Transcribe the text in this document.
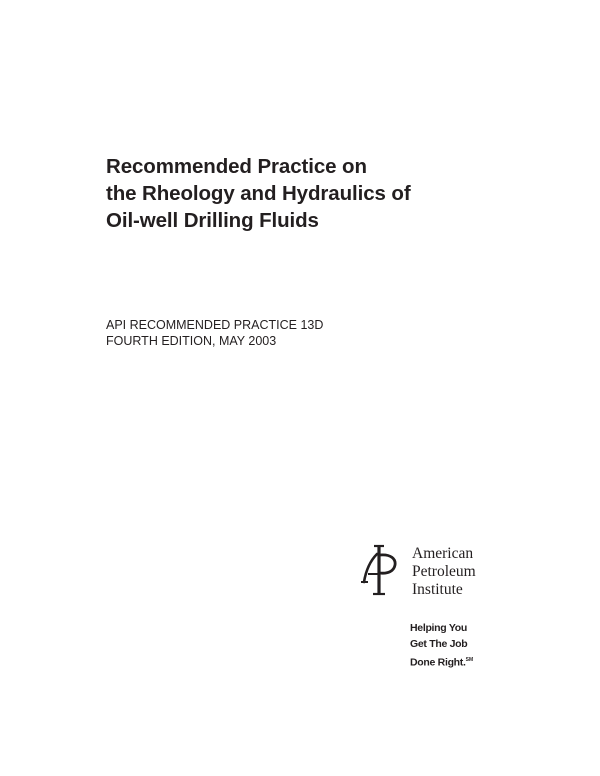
Recommended Practice on
the Rheology and Hydraulics of
Oil-well Drilling Fluids
API RECOMMENDED PRACTICE 13D
FOURTH EDITION, MAY 2003
American
Petroleum
Institute
Helping You
Get The Job
Done Right.℠
